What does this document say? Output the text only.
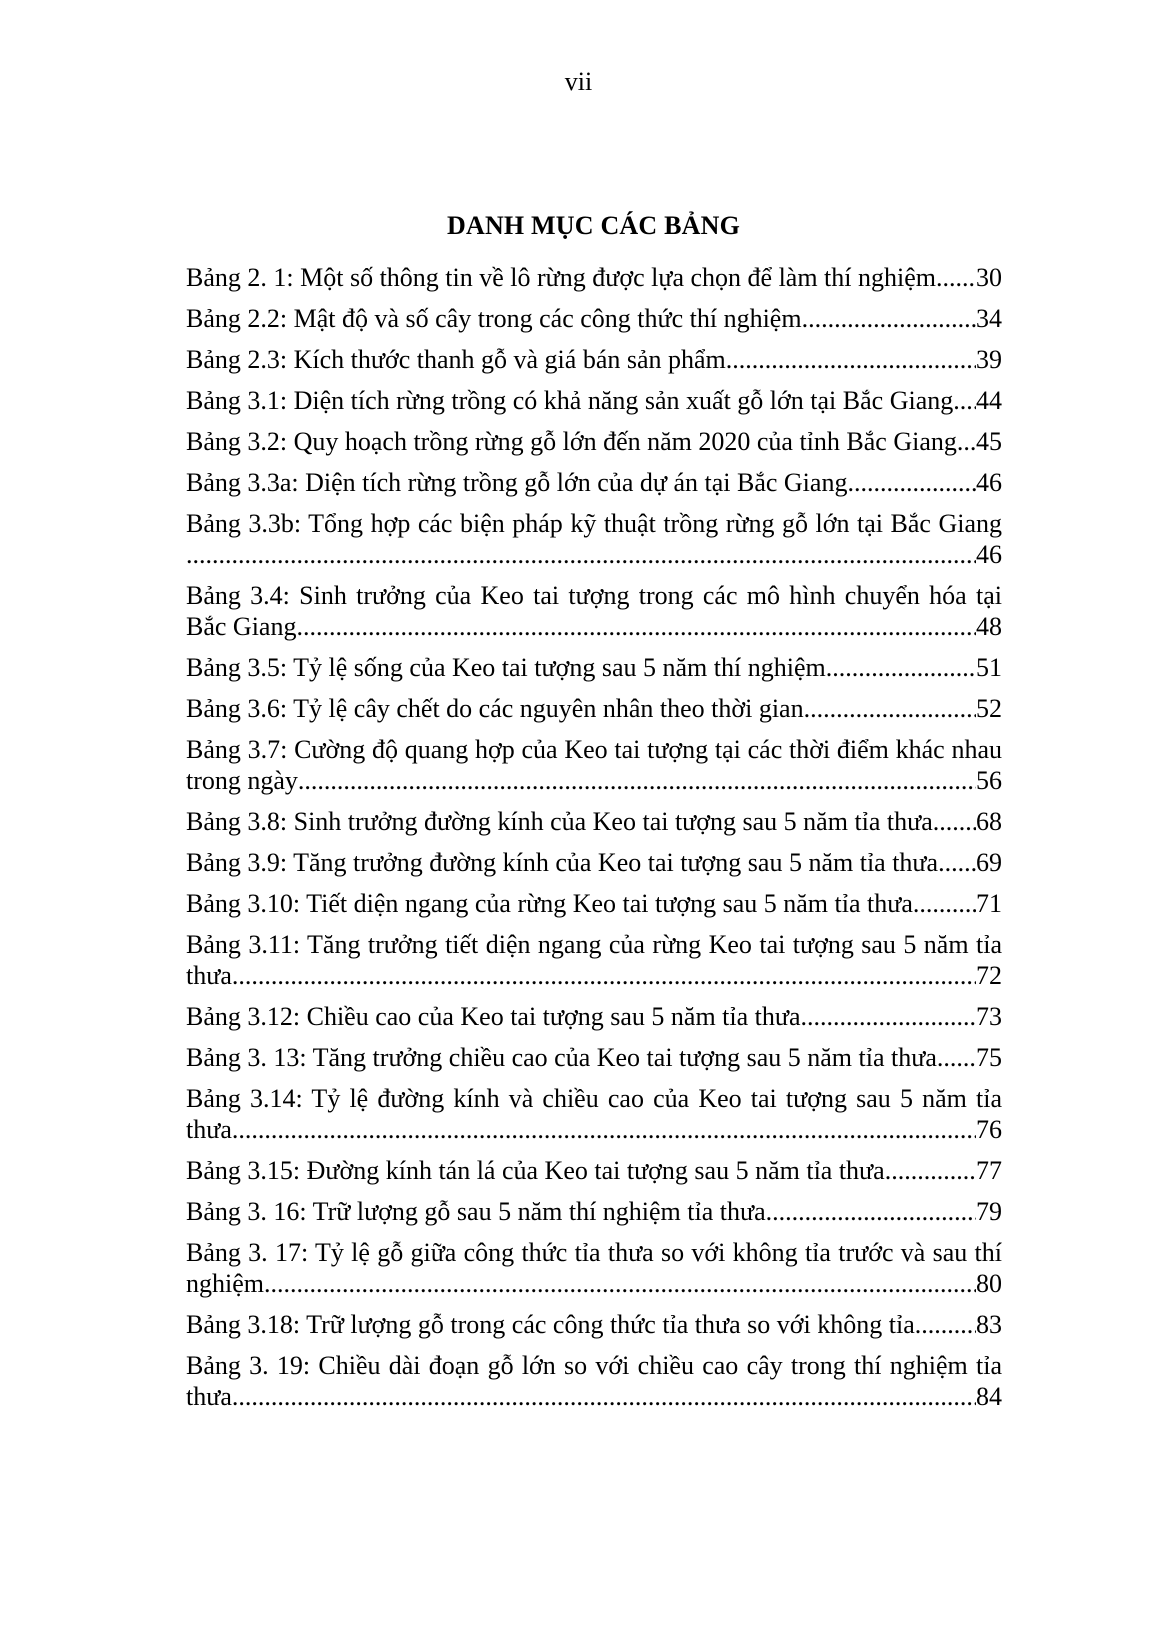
vii
DANH MỤC CÁC BẢNG
Bảng 2. 1: Một số thông tin về lô rừng được lựa chọn để làm thí nghiệm ..... 30
Bảng 2.2: Mật độ và số cây trong các công thức thí nghiệm .....	34
Bảng 2.3: Kích thước thanh gỗ và giá bán sản phẩm .....	39
Bảng 3.1: Diện tích rừng trồng có khả năng sản xuất gỗ lớn tại Bắc Giang ..... 44
Bảng 3.2: Quy hoạch trồng rừng gỗ lớn đến năm 2020 của tỉnh Bắc Giang ..... 45
Bảng 3.3a: Diện tích rừng trồng gỗ lớn của dự án tại Bắc Giang .....	46
Bảng 3.3b: Tổng hợp các biện pháp kỹ thuật trồng rừng gỗ lớn tại Bắc Giang
.....
46
Bảng 3.4: Sinh trưởng của Keo tai tượng trong các mô hình chuyển hóa tại
Bắc Giang .....	48
Bảng 3.5: Tỷ lệ sống của Keo tai tượng sau 5 năm thí nghiệm .....	51
Bảng 3.6: Tỷ lệ cây chết do các nguyên nhân theo thời gian .....	52
Bảng 3.7: Cường độ quang hợp của Keo tai tượng tại các thời điểm khác nhau
trong ngày .....	56
Bảng 3.8: Sinh trưởng đường kính của Keo tai tượng sau 5 năm tỉa thưa ..... 68
Bảng 3.9: Tăng trưởng đường kính của Keo tai tượng sau 5 năm tỉa thưa ..... 69
Bảng 3.10: Tiết diện ngang của rừng Keo tai tượng sau 5 năm tỉa thưa ..... 71
Bảng 3.11: Tăng trưởng tiết diện ngang của rừng Keo tai tượng sau 5 năm tỉa
thưa .....	72
Bảng 3.12: Chiều cao của Keo tai tượng sau 5 năm tỉa thưa .....	73
Bảng 3. 13: Tăng trưởng chiều cao của Keo tai tượng sau 5 năm tỉa thưa ..... 75
Bảng 3.14: Tỷ lệ đường kính và chiều cao của Keo tai tượng sau 5 năm tỉa
thưa .....	76
Bảng 3.15: Đường kính tán lá của Keo tai tượng sau 5 năm tỉa thưa .....	77
Bảng 3. 16: Trữ lượng gỗ sau 5 năm thí nghiệm tỉa thưa .....	79
Bảng 3. 17: Tỷ lệ gỗ giữa công thức tỉa thưa so với không tỉa trước và sau thí
nghiệm .....	80
Bảng 3.18: Trữ lượng gỗ trong các công thức tỉa thưa so với không tỉa ..... 83
Bảng 3. 19: Chiều dài đoạn gỗ lớn so với chiều cao cây trong thí nghiệm tỉa
thưa .....	84
